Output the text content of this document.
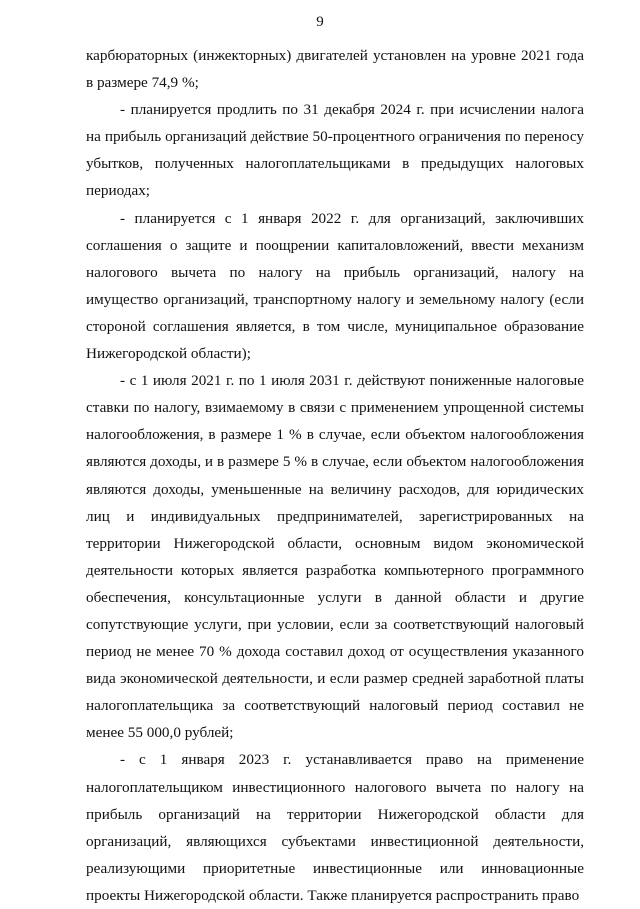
9

карбюраторных (инжекторных) двигателей установлен на уровне 2021 года в размере 74,9 %;

- планируется продлить по 31 декабря 2024 г. при исчислении налога на прибыль организаций действие 50-процентного ограничения по переносу убытков, полученных налогоплательщиками в предыдущих налоговых периодах;

- планируется с 1 января 2022 г. для организаций, заключивших соглашения о защите и поощрении капиталовложений, ввести механизм налогового вычета по налогу на прибыль организаций, налогу на имущество организаций, транспортному налогу и земельному налогу (если стороной соглашения является, в том числе, муниципальное образование Нижегородской области);

- с 1 июля 2021 г. по 1 июля 2031 г. действуют пониженные налоговые ставки по налогу, взимаемому в связи с применением упрощенной системы налогообложения, в размере 1 % в случае, если объектом налогообложения являются доходы, и в размере 5 % в случае, если объектом налогообложения являются доходы, уменьшенные на величину расходов, для юридических лиц и индивидуальных предпринимателей, зарегистрированных на территории Нижегородской области, основным видом экономической деятельности которых является разработка компьютерного программного обеспечения, консультационные услуги в данной области и другие сопутствующие услуги, при условии, если за соответствующий налоговый период не менее 70 % дохода составил доход от осуществления указанного вида экономической деятельности, и если размер средней заработной платы налогоплательщика за соответствующий налоговый период составил не менее 55 000,0 рублей;

- с 1 января 2023 г. устанавливается право на применение налогоплательщиком инвестиционного налогового вычета по налогу на прибыль организаций на территории Нижегородской области для организаций, являющихся субъектами инвестиционной деятельности, реализующими приоритетные инвестиционные или инновационные проекты Нижегородской области. Также планируется распространить право
